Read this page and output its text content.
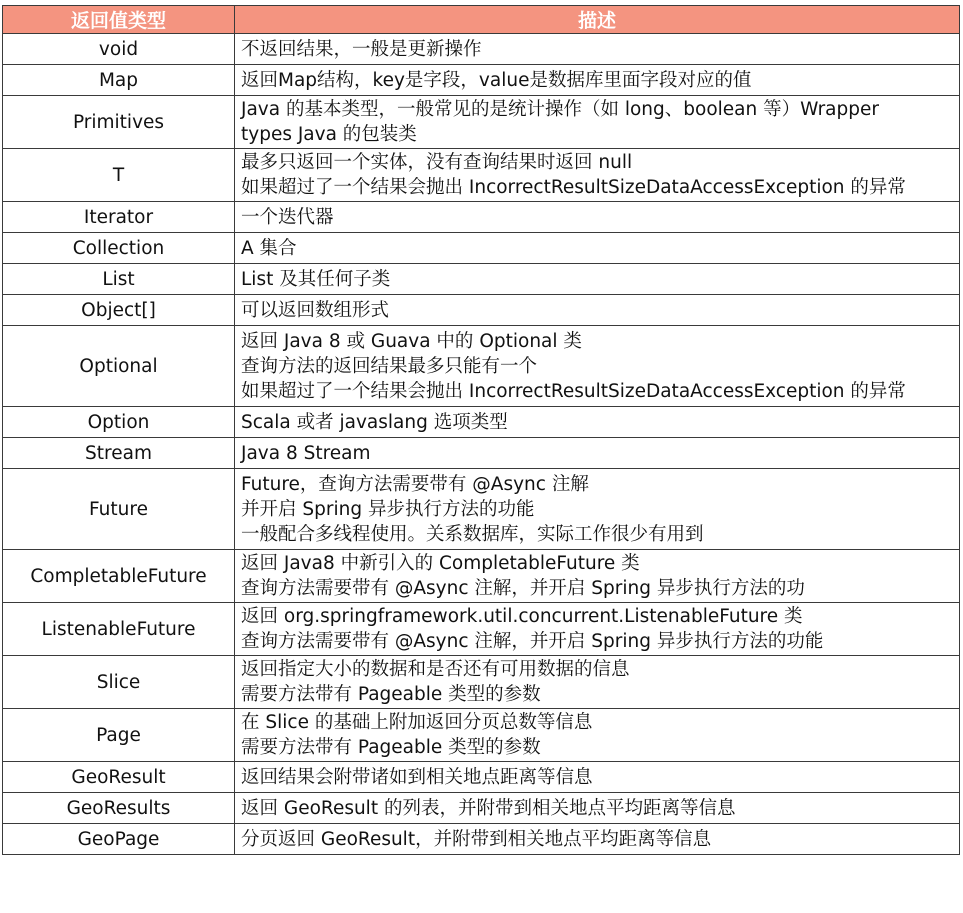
返回值类型	描述
void	不返回结果，一般是更新操作

Map	返回Map结构，key是字段，value是数据库里面字段对应的值

Primitives	Java 的基本类型，一般常见的是统计操作（如 long、boolean 等）Wrapper
types Java 的包装类

T	最多只返回一个实体，没有查询结果时返回 null
如果超过了一个结果会抛出 IncorrectResultSizeDataAccessException 的异常

Iterator	一个迭代器

Collection	A 集合

List	List 及其任何子类

Object[]	可以返回数组形式

Optional	返回 Java 8 或 Guava 中的 Optional 类
查询方法的返回结果最多只能有一个
如果超过了一个结果会抛出 IncorrectResultSizeDataAccessException 的异常

Option	Scala 或者 javaslang 选项类型

Stream	Java 8 Stream

Future	Future，查询方法需要带有 @Async 注解
并开启 Spring 异步执行方法的功能
一般配合多线程使用。关系数据库，实际工作很少有用到

CompletableFuture	返回 Java8 中新引入的 CompletableFuture 类
查询方法需要带有 @Async 注解，并开启 Spring 异步执行方法的功

ListenableFuture	返回 org.springframework.util.concurrent.ListenableFuture 类
查询方法需要带有 @Async 注解，并开启 Spring 异步执行方法的功能

Slice	返回指定大小的数据和是否还有可用数据的信息
需要方法带有 Pageable 类型的参数

Page	在 Slice 的基础上附加返回分页总数等信息
需要方法带有 Pageable 类型的参数

GeoResult	返回结果会附带诸如到相关地点距离等信息

GeoResults	返回 GeoResult 的列表，并附带到相关地点平均距离等信息

GeoPage	分页返回 GeoResult，并附带到相关地点平均距离等信息
